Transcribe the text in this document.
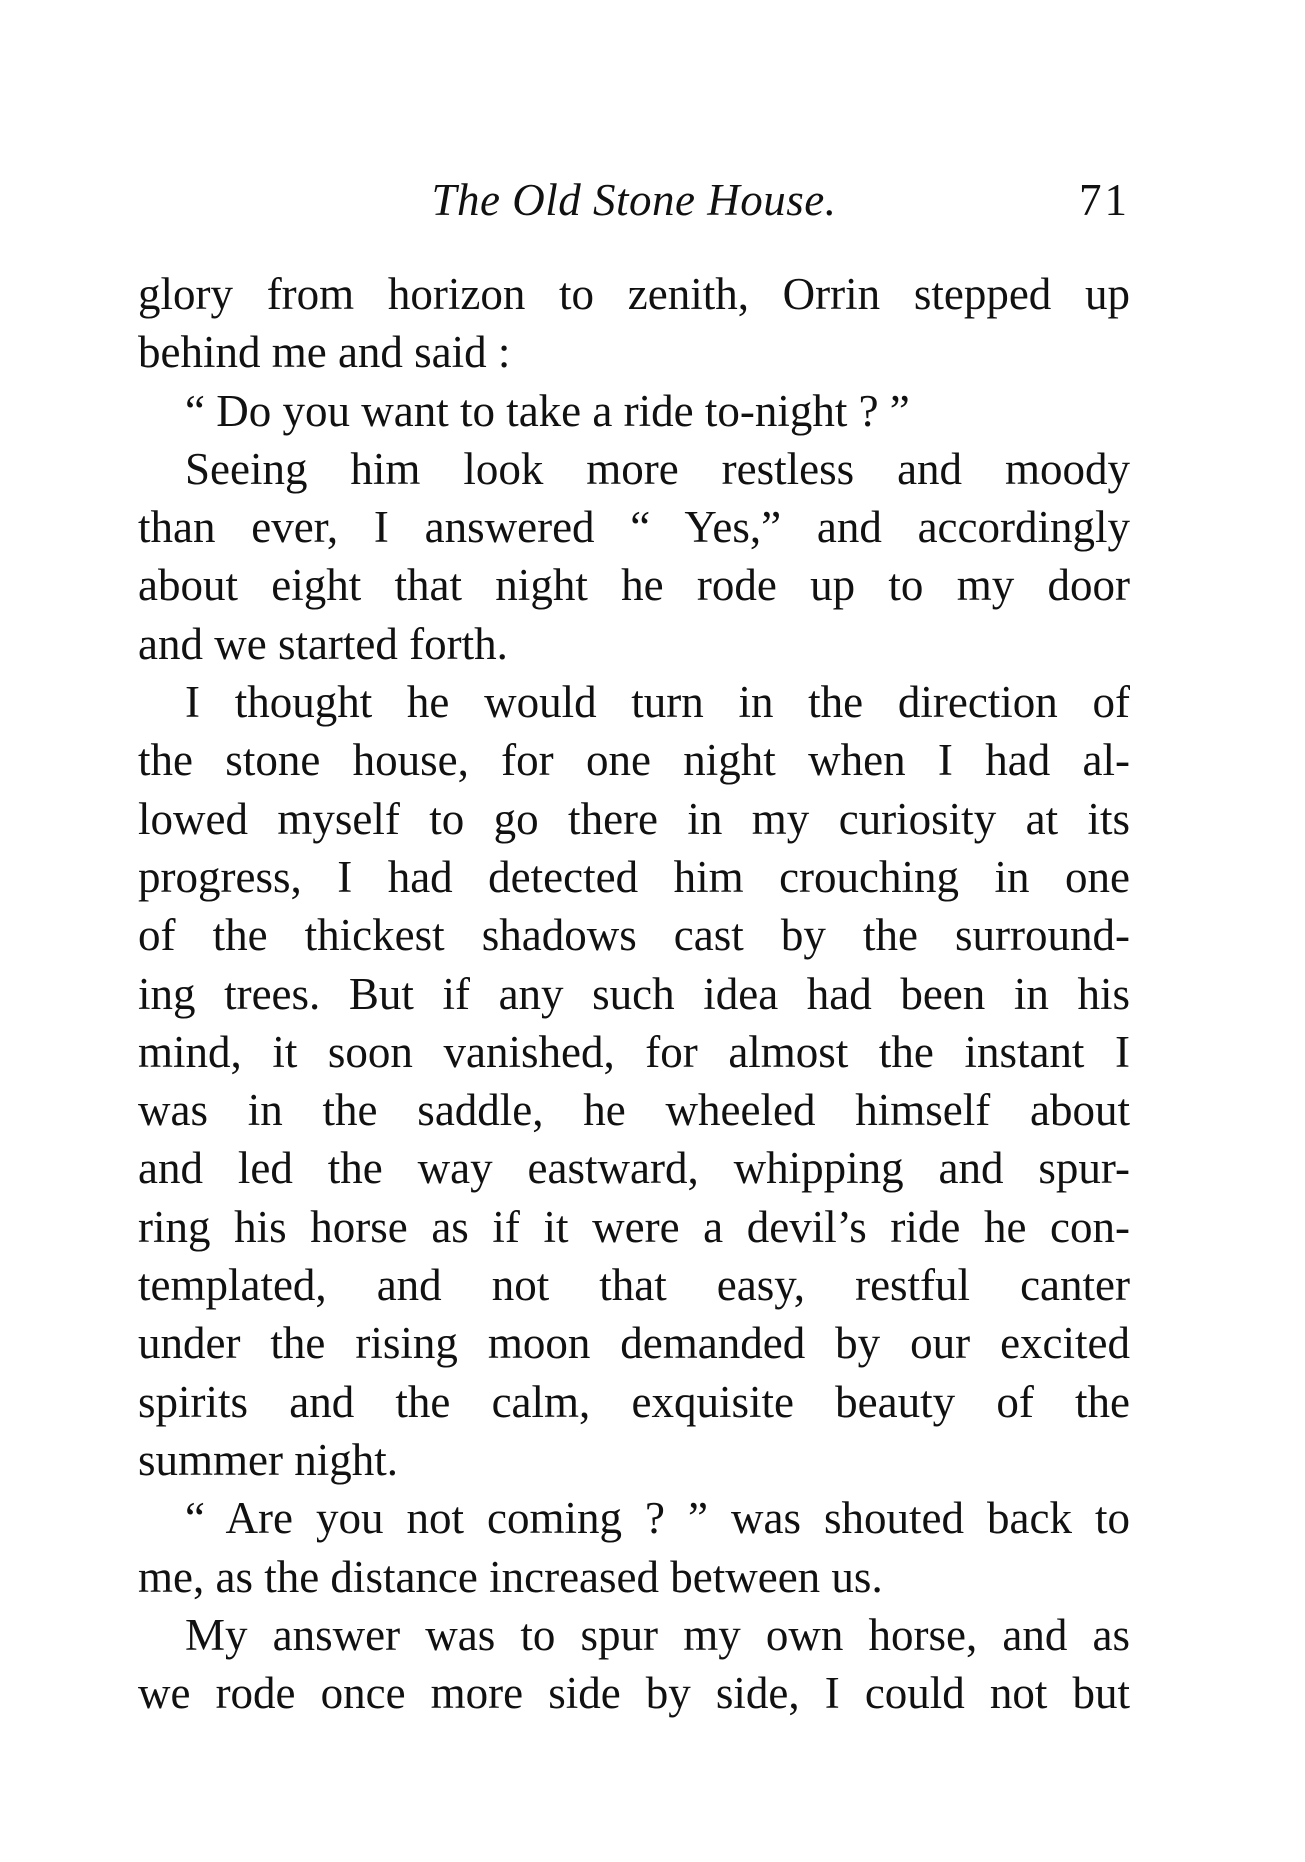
The Old Stone House.	71
glory from horizon to zenith, Orrin stepped up
behind me and said :
“ Do you want to take a ride to-night ? ”
Seeing him look more restless and moody
than ever, I answered “ Yes,” and accordingly
about eight that night he rode up to my door
and we started forth.
I thought he would turn in the direction of
the stone house, for one night when I had al-
lowed myself to go there in my curiosity at its
progress, I had detected him crouching in one
of the thickest shadows cast by the surround-
ing trees. But if any such idea had been in his
mind, it soon vanished, for almost the instant I
was in the saddle, he wheeled himself about
and led the way eastward, whipping and spur-
ring his horse as if it were a devil’s ride he con-
templated, and not that easy, restful canter
under the rising moon demanded by our excited
spirits and the calm, exquisite beauty of the
summer night.
“ Are you not coming ? ” was shouted back to
me, as the distance increased between us.
My answer was to spur my own horse, and as
we rode once more side by side, I could not but
